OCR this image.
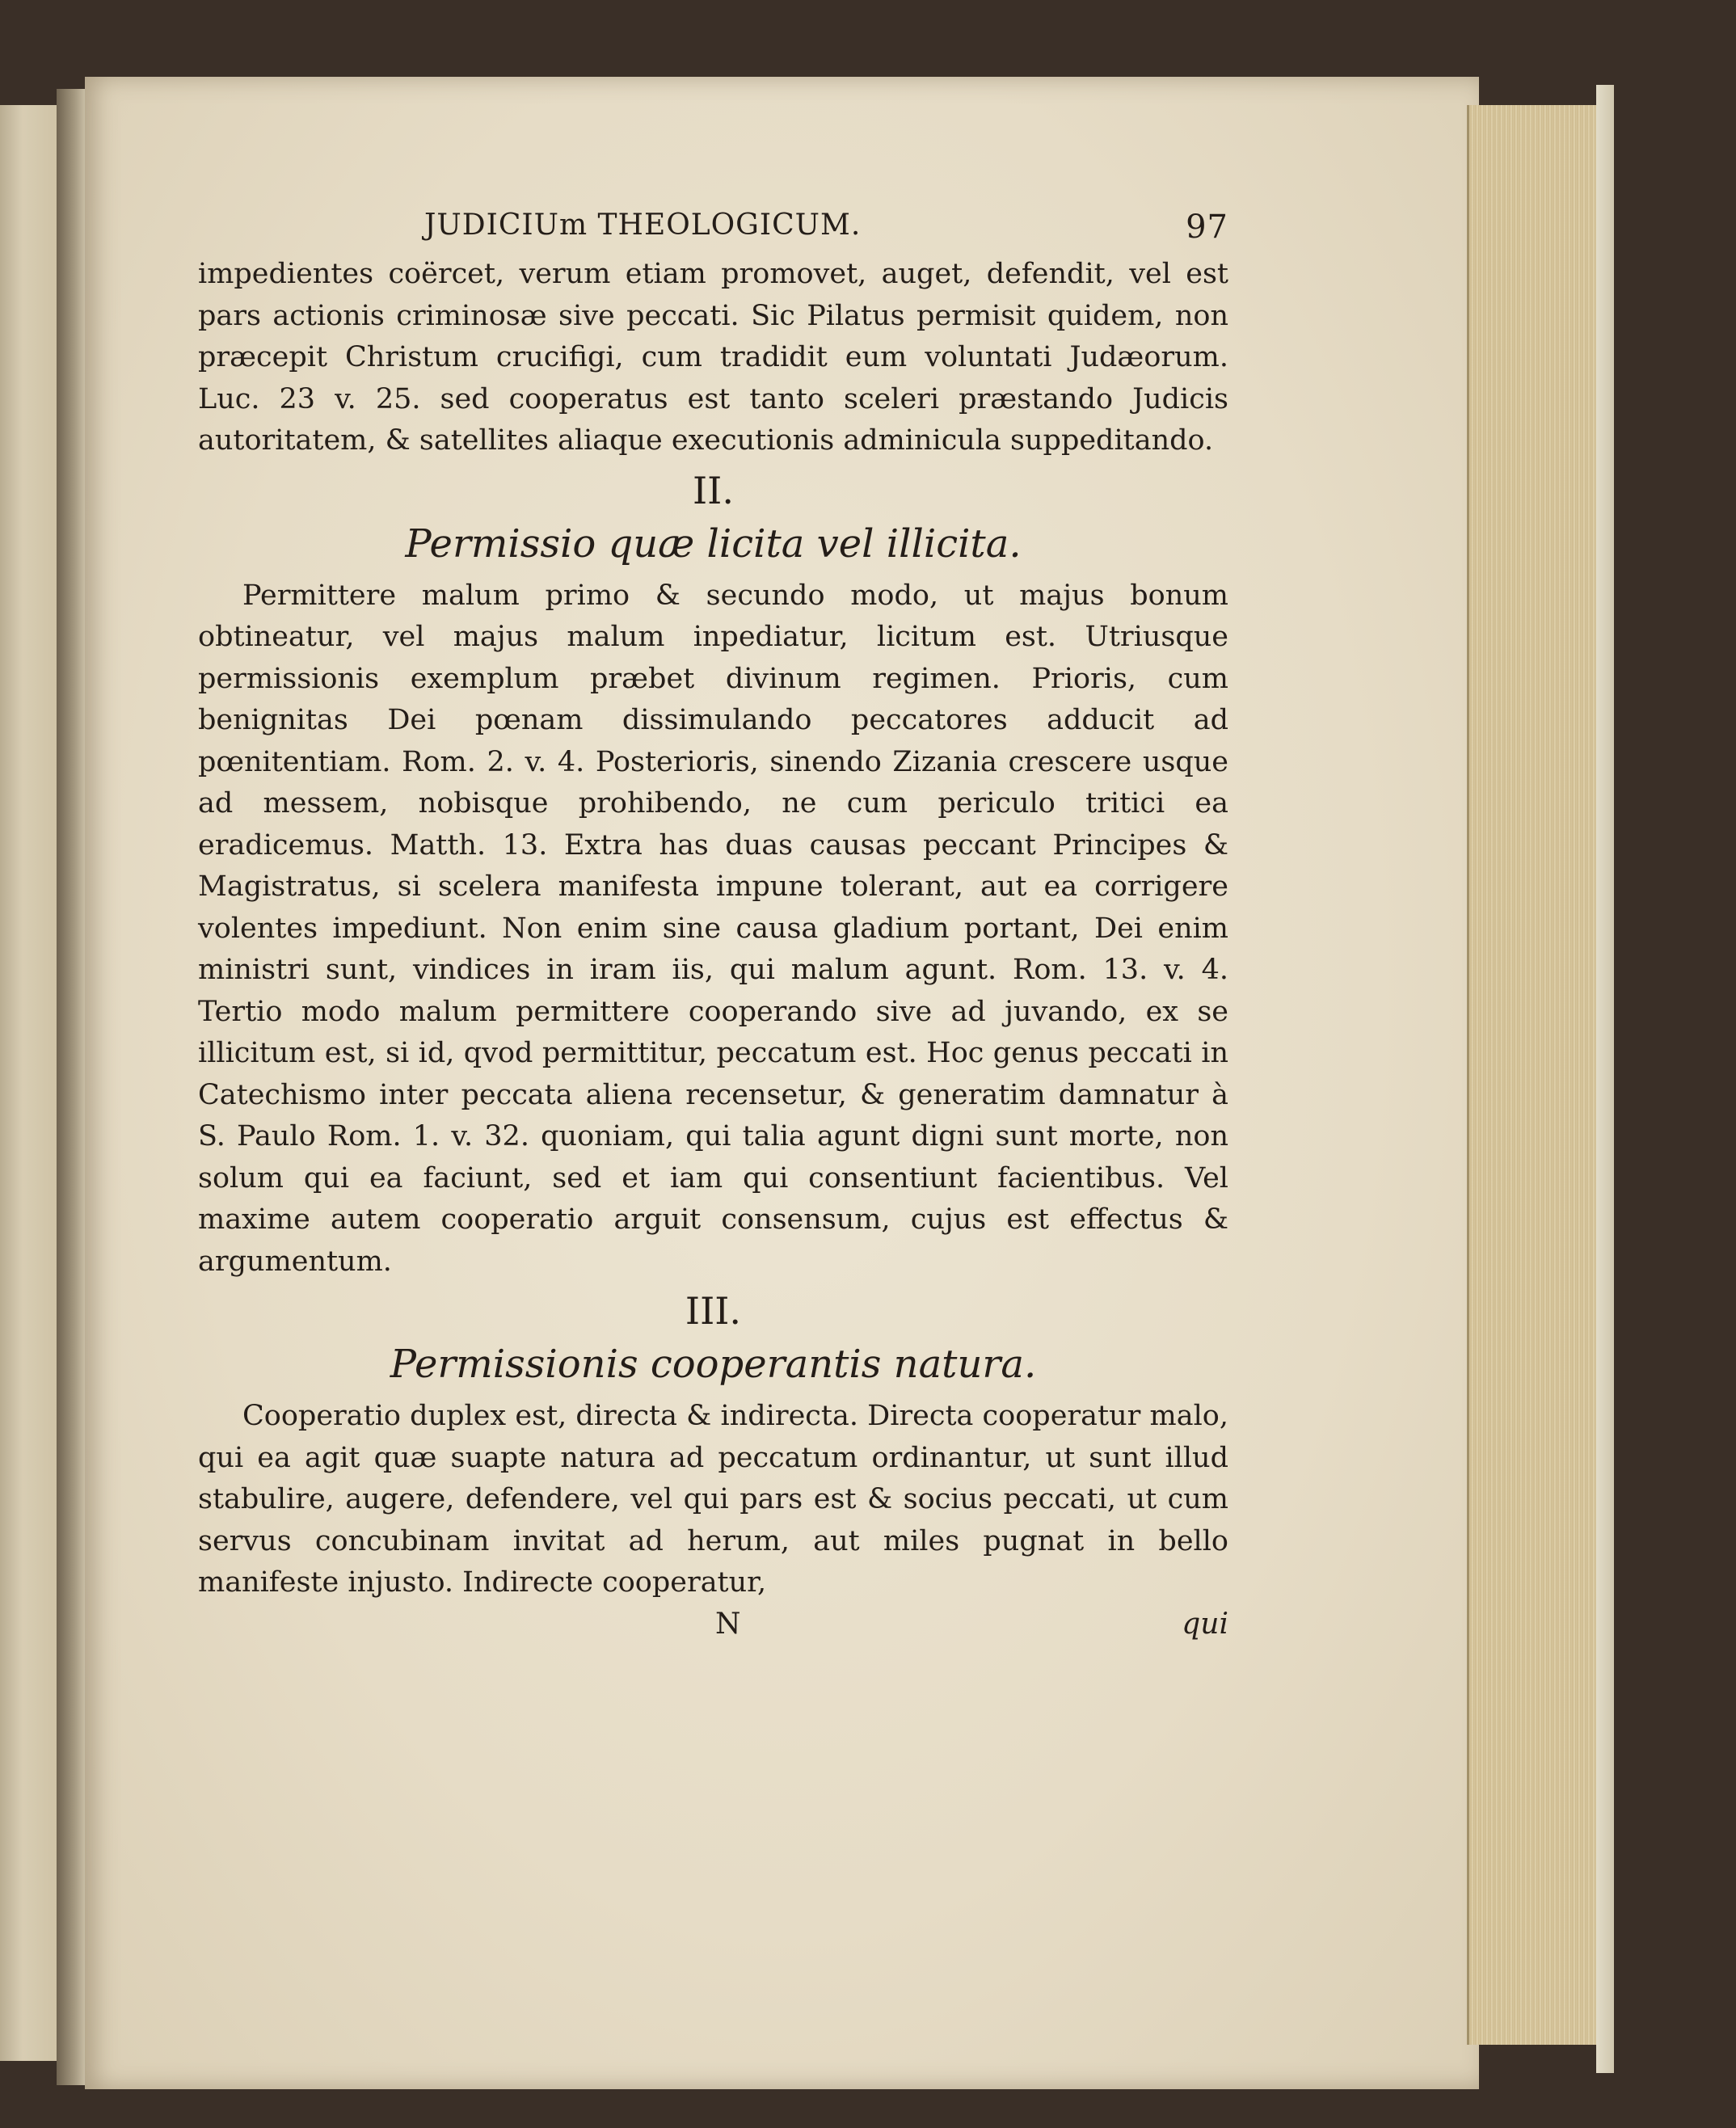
JUDICIUm THEOLOGICUM.	97

impedientes coërcet, verum etiam promovet, auget, defendit, vel est pars actionis criminosæ sive peccati. Sic Pilatus permisit quidem, non præcepit Christum crucifigi, cum tradidit eum voluntati Judæorum. Luc. 23 v. 25. sed cooperatus est tanto sceleri præstando Judicis autoritatem, & satellites aliaque executionis adminicula suppeditando.

II.
Permissio quæ licita vel illicita.

Permittere malum primo & secundo modo, ut majus bonum obtineatur, vel majus malum inpediatur, licitum est. Utriusque permissionis exemplum præbet divinum regimen. Prioris, cum benignitas Dei pœnam dissimulando peccatores adducit ad pœnitentiam. Rom. 2. v. 4. Posterioris, sinendo Zizania crescere usque ad messem, nobisque prohibendo, ne cum periculo tritici ea eradicemus. Matth. 13. Extra has duas causas peccant Principes & Magistratus, si scelera manifesta impune tolerant, aut ea corrigere volentes impediunt. Non enim sine causa gladium portant, Dei enim ministri sunt, vindices in iram iis, qui malum agunt. Rom. 13. v. 4. Tertio modo malum permittere cooperando sive ad juvando, ex se illicitum est, si id, qvod permittitur, peccatum est. Hoc genus peccati in Catechismo inter peccata aliena recensetur, & generatim damnatur à S. Paulo Rom. 1. v. 32. quoniam, qui talia agunt digni sunt morte, non solum qui ea faciunt, sed et iam qui consentiunt facientibus. Vel maxime autem cooperatio arguit consensum, cujus est effectus & argumentum.

III.
Permissionis cooperantis natura.

Cooperatio duplex est, directa & indirecta. Directa cooperatur malo, qui ea agit quæ suapte natura ad peccatum ordinantur, ut sunt illud stabulire, augere, defendere, vel qui pars est & socius peccati, ut cum servus concubinam invitat ad herum, aut miles pugnat in bello manifeste injusto. Indirecte cooperatur,

N	qui
